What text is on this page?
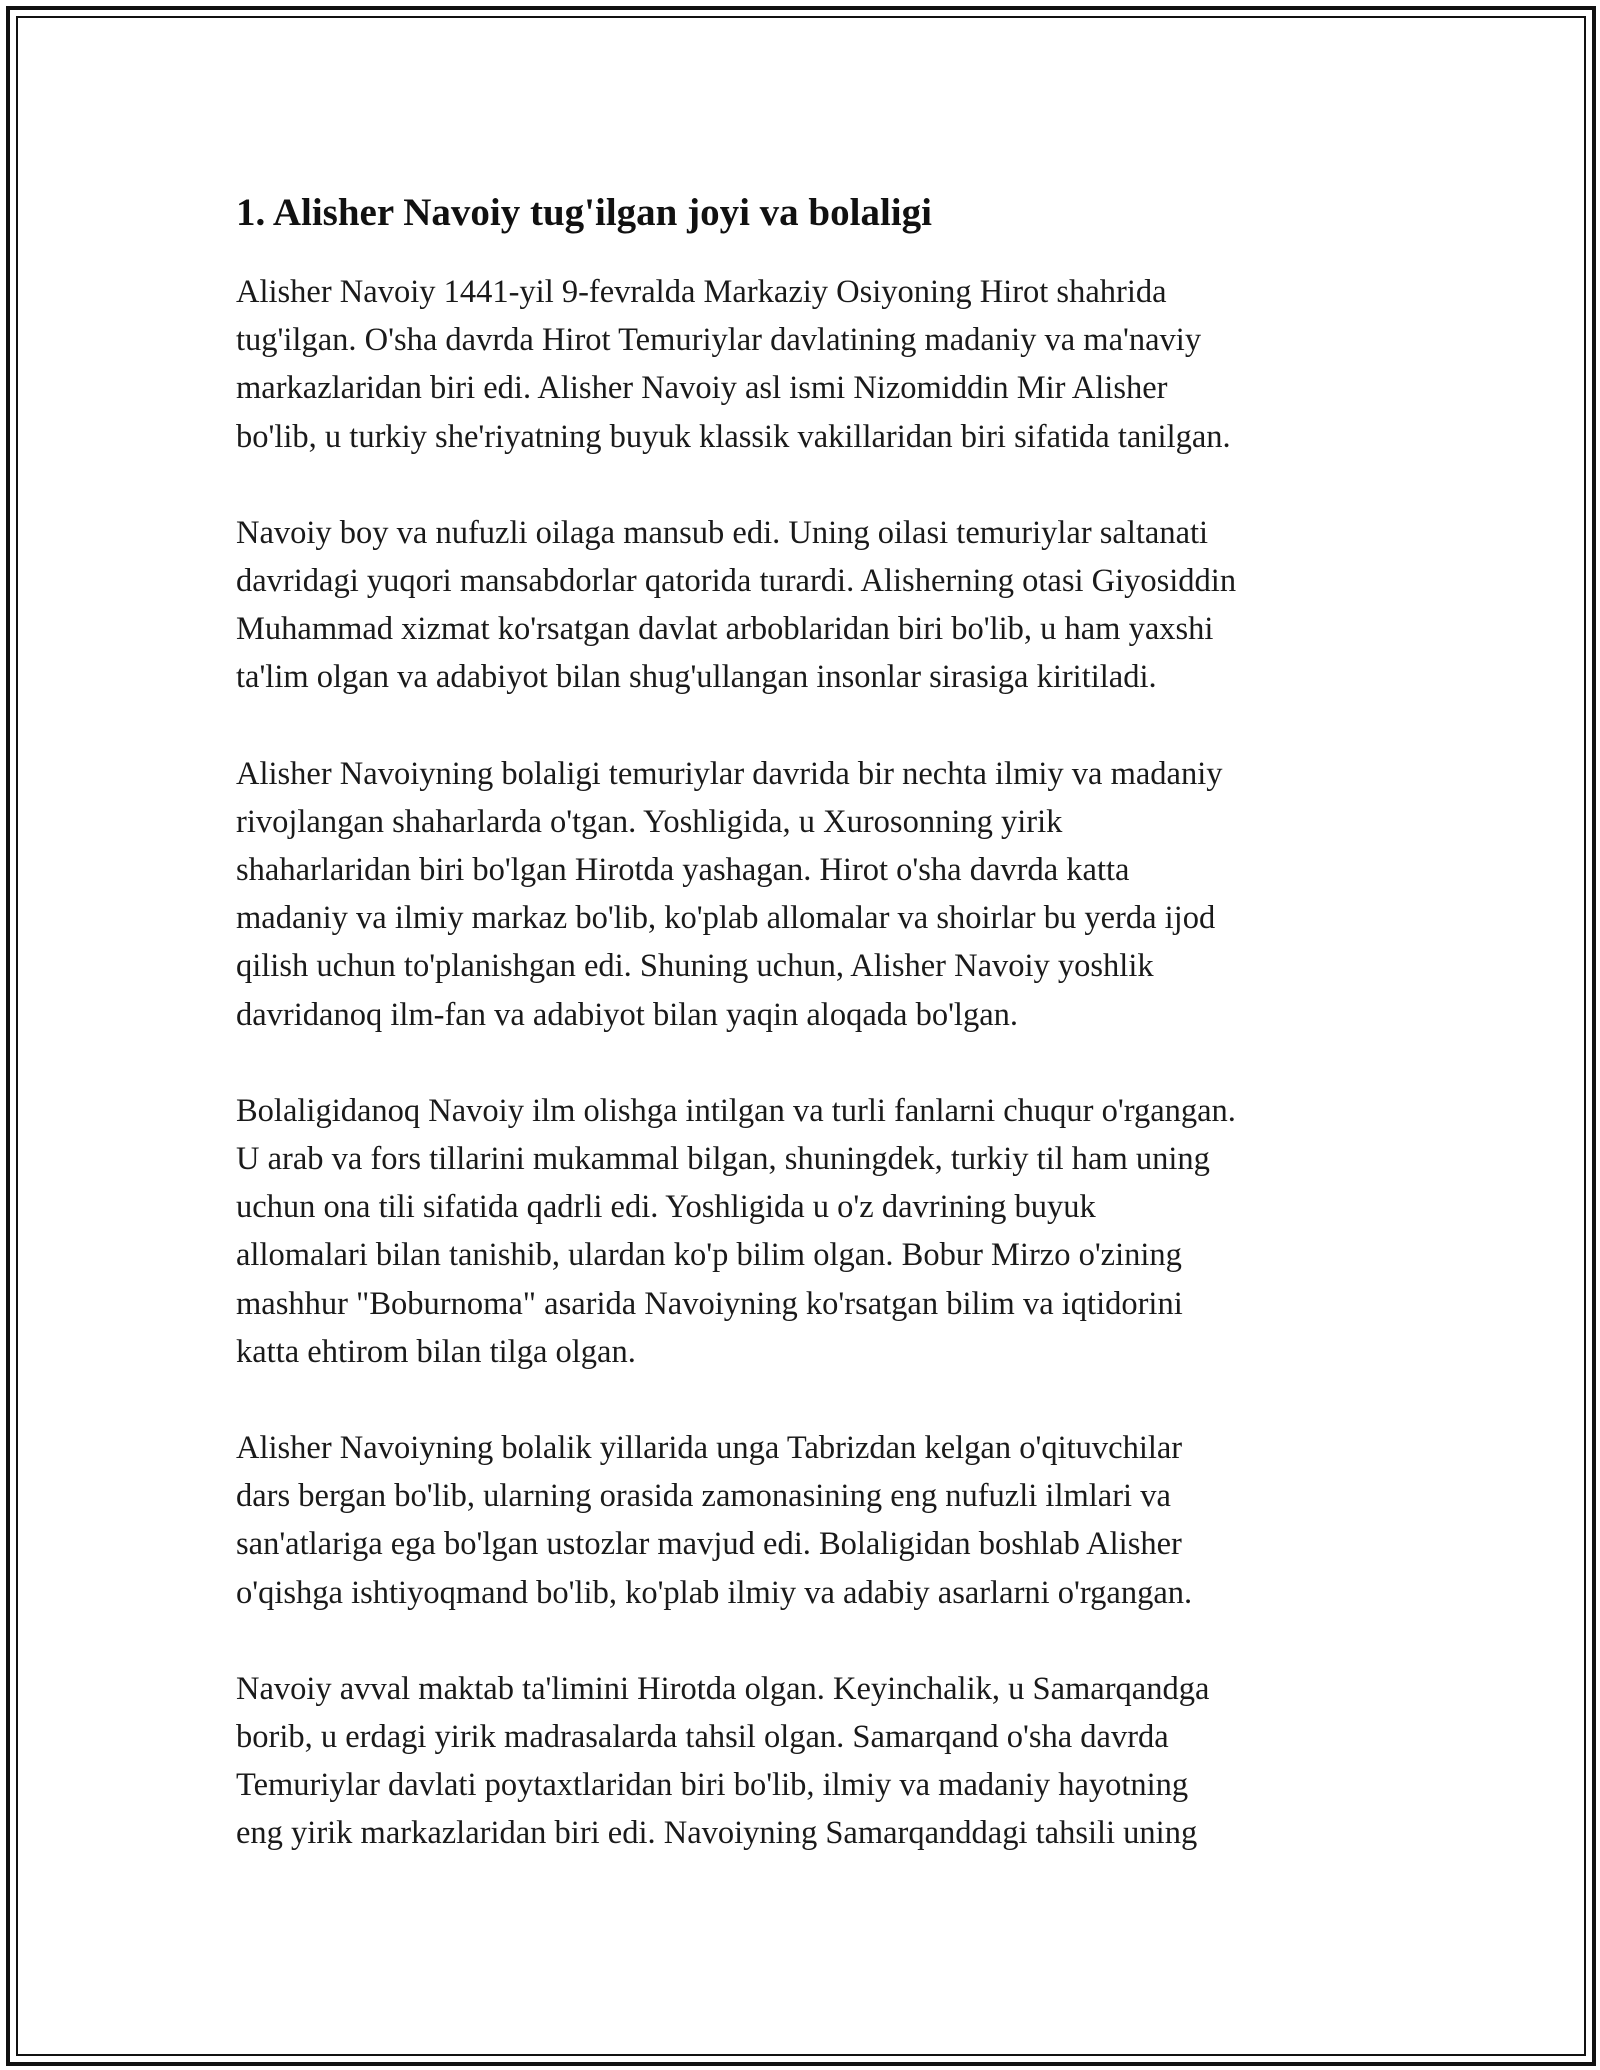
1. Alisher Navoiy tug'ilgan joyi va bolaligi

Alisher Navoiy 1441-yil 9-fevralda Markaziy Osiyoning Hirot shahrida
tug'ilgan. O'sha davrda Hirot Temuriylar davlatining madaniy va ma'naviy
markazlaridan biri edi. Alisher Navoiy asl ismi Nizomiddin Mir Alisher
bo'lib, u turkiy she'riyatning buyuk klassik vakillaridan biri sifatida tanilgan.

Navoiy boy va nufuzli oilaga mansub edi. Uning oilasi temuriylar saltanati
davridagi yuqori mansabdorlar qatorida turardi. Alisherning otasi Giyosiddin
Muhammad xizmat ko'rsatgan davlat arboblaridan biri bo'lib, u ham yaxshi
ta'lim olgan va adabiyot bilan shug'ullangan insonlar sirasiga kiritiladi.

Alisher Navoiyning bolaligi temuriylar davrida bir nechta ilmiy va madaniy
rivojlangan shaharlarda o'tgan. Yoshligida, u Xurosonning yirik
shaharlaridan biri bo'lgan Hirotda yashagan. Hirot o'sha davrda katta
madaniy va ilmiy markaz bo'lib, ko'plab allomalar va shoirlar bu yerda ijod
qilish uchun to'planishgan edi. Shuning uchun, Alisher Navoiy yoshlik
davridanoq ilm-fan va adabiyot bilan yaqin aloqada bo'lgan.

Bolaligidanoq Navoiy ilm olishga intilgan va turli fanlarni chuqur o'rgangan.
U arab va fors tillarini mukammal bilgan, shuningdek, turkiy til ham uning
uchun ona tili sifatida qadrli edi. Yoshligida u o'z davrining buyuk
allomalari bilan tanishib, ulardan ko'p bilim olgan. Bobur Mirzo o'zining
mashhur "Boburnoma" asarida Navoiyning ko'rsatgan bilim va iqtidorini
katta ehtirom bilan tilga olgan.

Alisher Navoiyning bolalik yillarida unga Tabrizdan kelgan o'qituvchilar
dars bergan bo'lib, ularning orasida zamonasining eng nufuzli ilmlari va
san'atlariga ega bo'lgan ustozlar mavjud edi. Bolaligidan boshlab Alisher
o'qishga ishtiyoqmand bo'lib, ko'plab ilmiy va adabiy asarlarni o'rgangan.

Navoiy avval maktab ta'limini Hirotda olgan. Keyinchalik, u Samarqandga
borib, u erdagi yirik madrasalarda tahsil olgan. Samarqand o'sha davrda
Temuriylar davlati poytaxtlaridan biri bo'lib, ilmiy va madaniy hayotning
eng yirik markazlaridan biri edi. Navoiyning Samarqanddagi tahsili uning
